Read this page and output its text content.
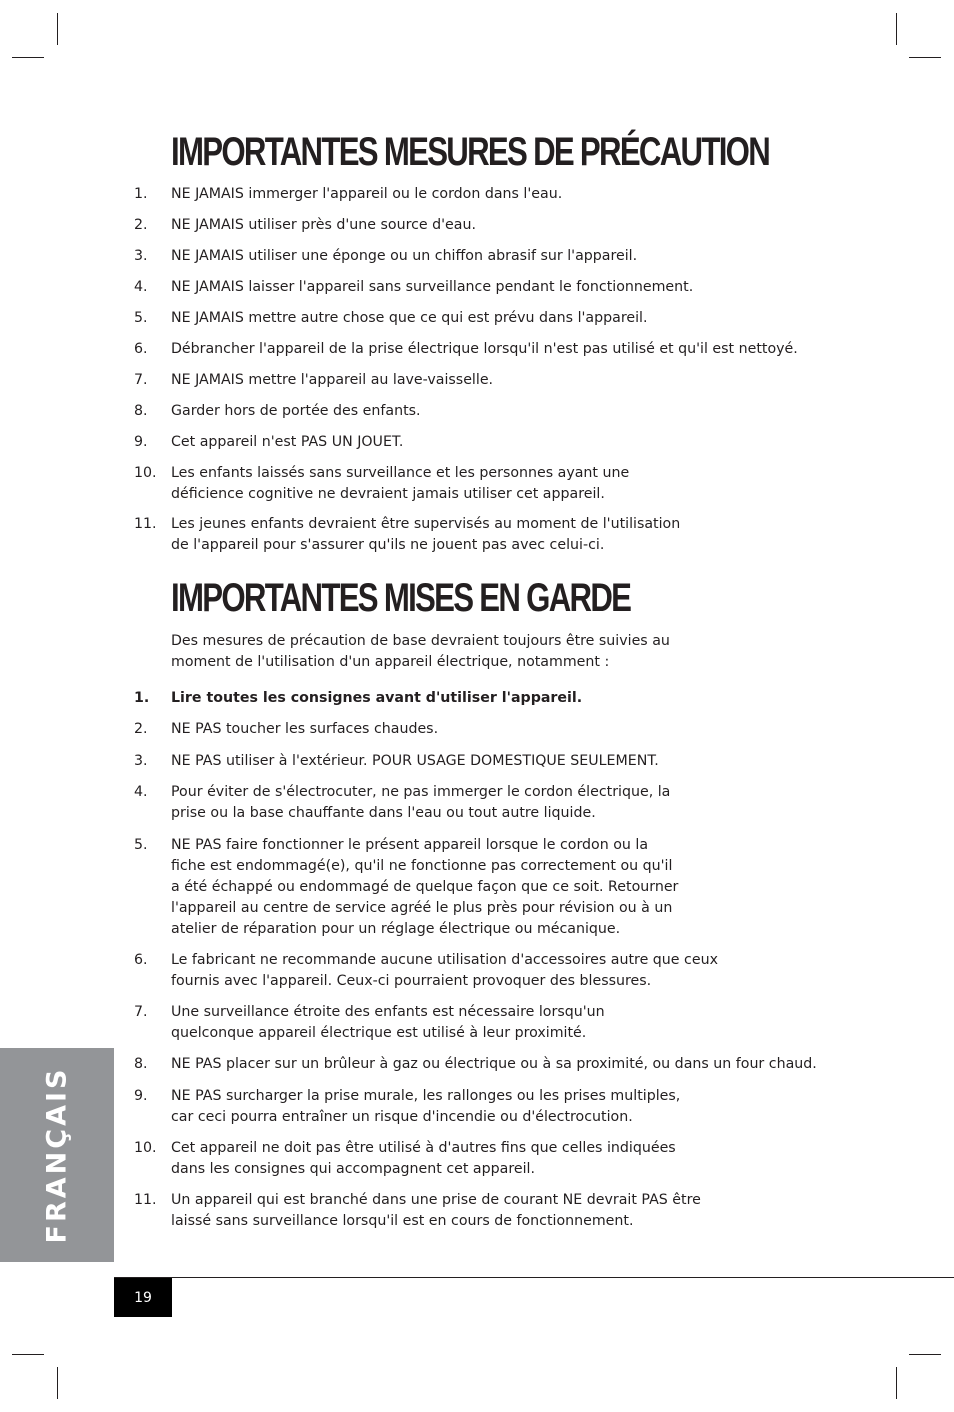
IMPORTANTES MESURES DE PRÉCAUTION
1. NE JAMAIS immerger l'appareil ou le cordon dans l'eau.
2. NE JAMAIS utiliser près d'une source d'eau.
3. NE JAMAIS utiliser une éponge ou un chiffon abrasif sur l'appareil.
4. NE JAMAIS laisser l'appareil sans surveillance pendant le fonctionnement.
5. NE JAMAIS mettre autre chose que ce qui est prévu dans l'appareil.
6. Débrancher l'appareil de la prise électrique lorsqu'il n'est pas utilisé et qu'il est nettoyé.
7. NE JAMAIS mettre l'appareil au lave-vaisselle.
8. Garder hors de portée des enfants.
9. Cet appareil n'est PAS UN JOUET.
10. Les enfants laissés sans surveillance et les personnes ayant une
déficience cognitive ne devraient jamais utiliser cet appareil.
11. Les jeunes enfants devraient être supervisés au moment de l'utilisation
de l'appareil pour s'assurer qu'ils ne jouent pas avec celui-ci.
IMPORTANTES MISES EN GARDE
Des mesures de précaution de base devraient toujours être suivies au
moment de l'utilisation d'un appareil électrique, notamment :
1. Lire toutes les consignes avant d'utiliser l'appareil.
2. NE PAS toucher les surfaces chaudes.
3. NE PAS utiliser à l'extérieur. POUR USAGE DOMESTIQUE SEULEMENT.
4. Pour éviter de s'électrocuter, ne pas immerger le cordon électrique, la
prise ou la base chauffante dans l'eau ou tout autre liquide.
5. NE PAS faire fonctionner le présent appareil lorsque le cordon ou la
fiche est endommagé(e), qu'il ne fonctionne pas correctement ou qu'il
a été échappé ou endommagé de quelque façon que ce soit. Retourner
l'appareil au centre de service agréé le plus près pour révision ou à un
atelier de réparation pour un réglage électrique ou mécanique.
6. Le fabricant ne recommande aucune utilisation d'accessoires autre que ceux
fournis avec l'appareil. Ceux-ci pourraient provoquer des blessures.
7. Une surveillance étroite des enfants est nécessaire lorsqu'un
quelconque appareil électrique est utilisé à leur proximité.
8. NE PAS placer sur un brûleur à gaz ou électrique ou à sa proximité, ou dans un four chaud.
9. NE PAS surcharger la prise murale, les rallonges ou les prises multiples,
car ceci pourra entraîner un risque d'incendie ou d'électrocution.
10. Cet appareil ne doit pas être utilisé à d'autres fins que celles indiquées
dans les consignes qui accompagnent cet appareil.
11. Un appareil qui est branché dans une prise de courant NE devrait PAS être
laissé sans surveillance lorsqu'il est en cours de fonctionnement.
FRANÇAIS
19
